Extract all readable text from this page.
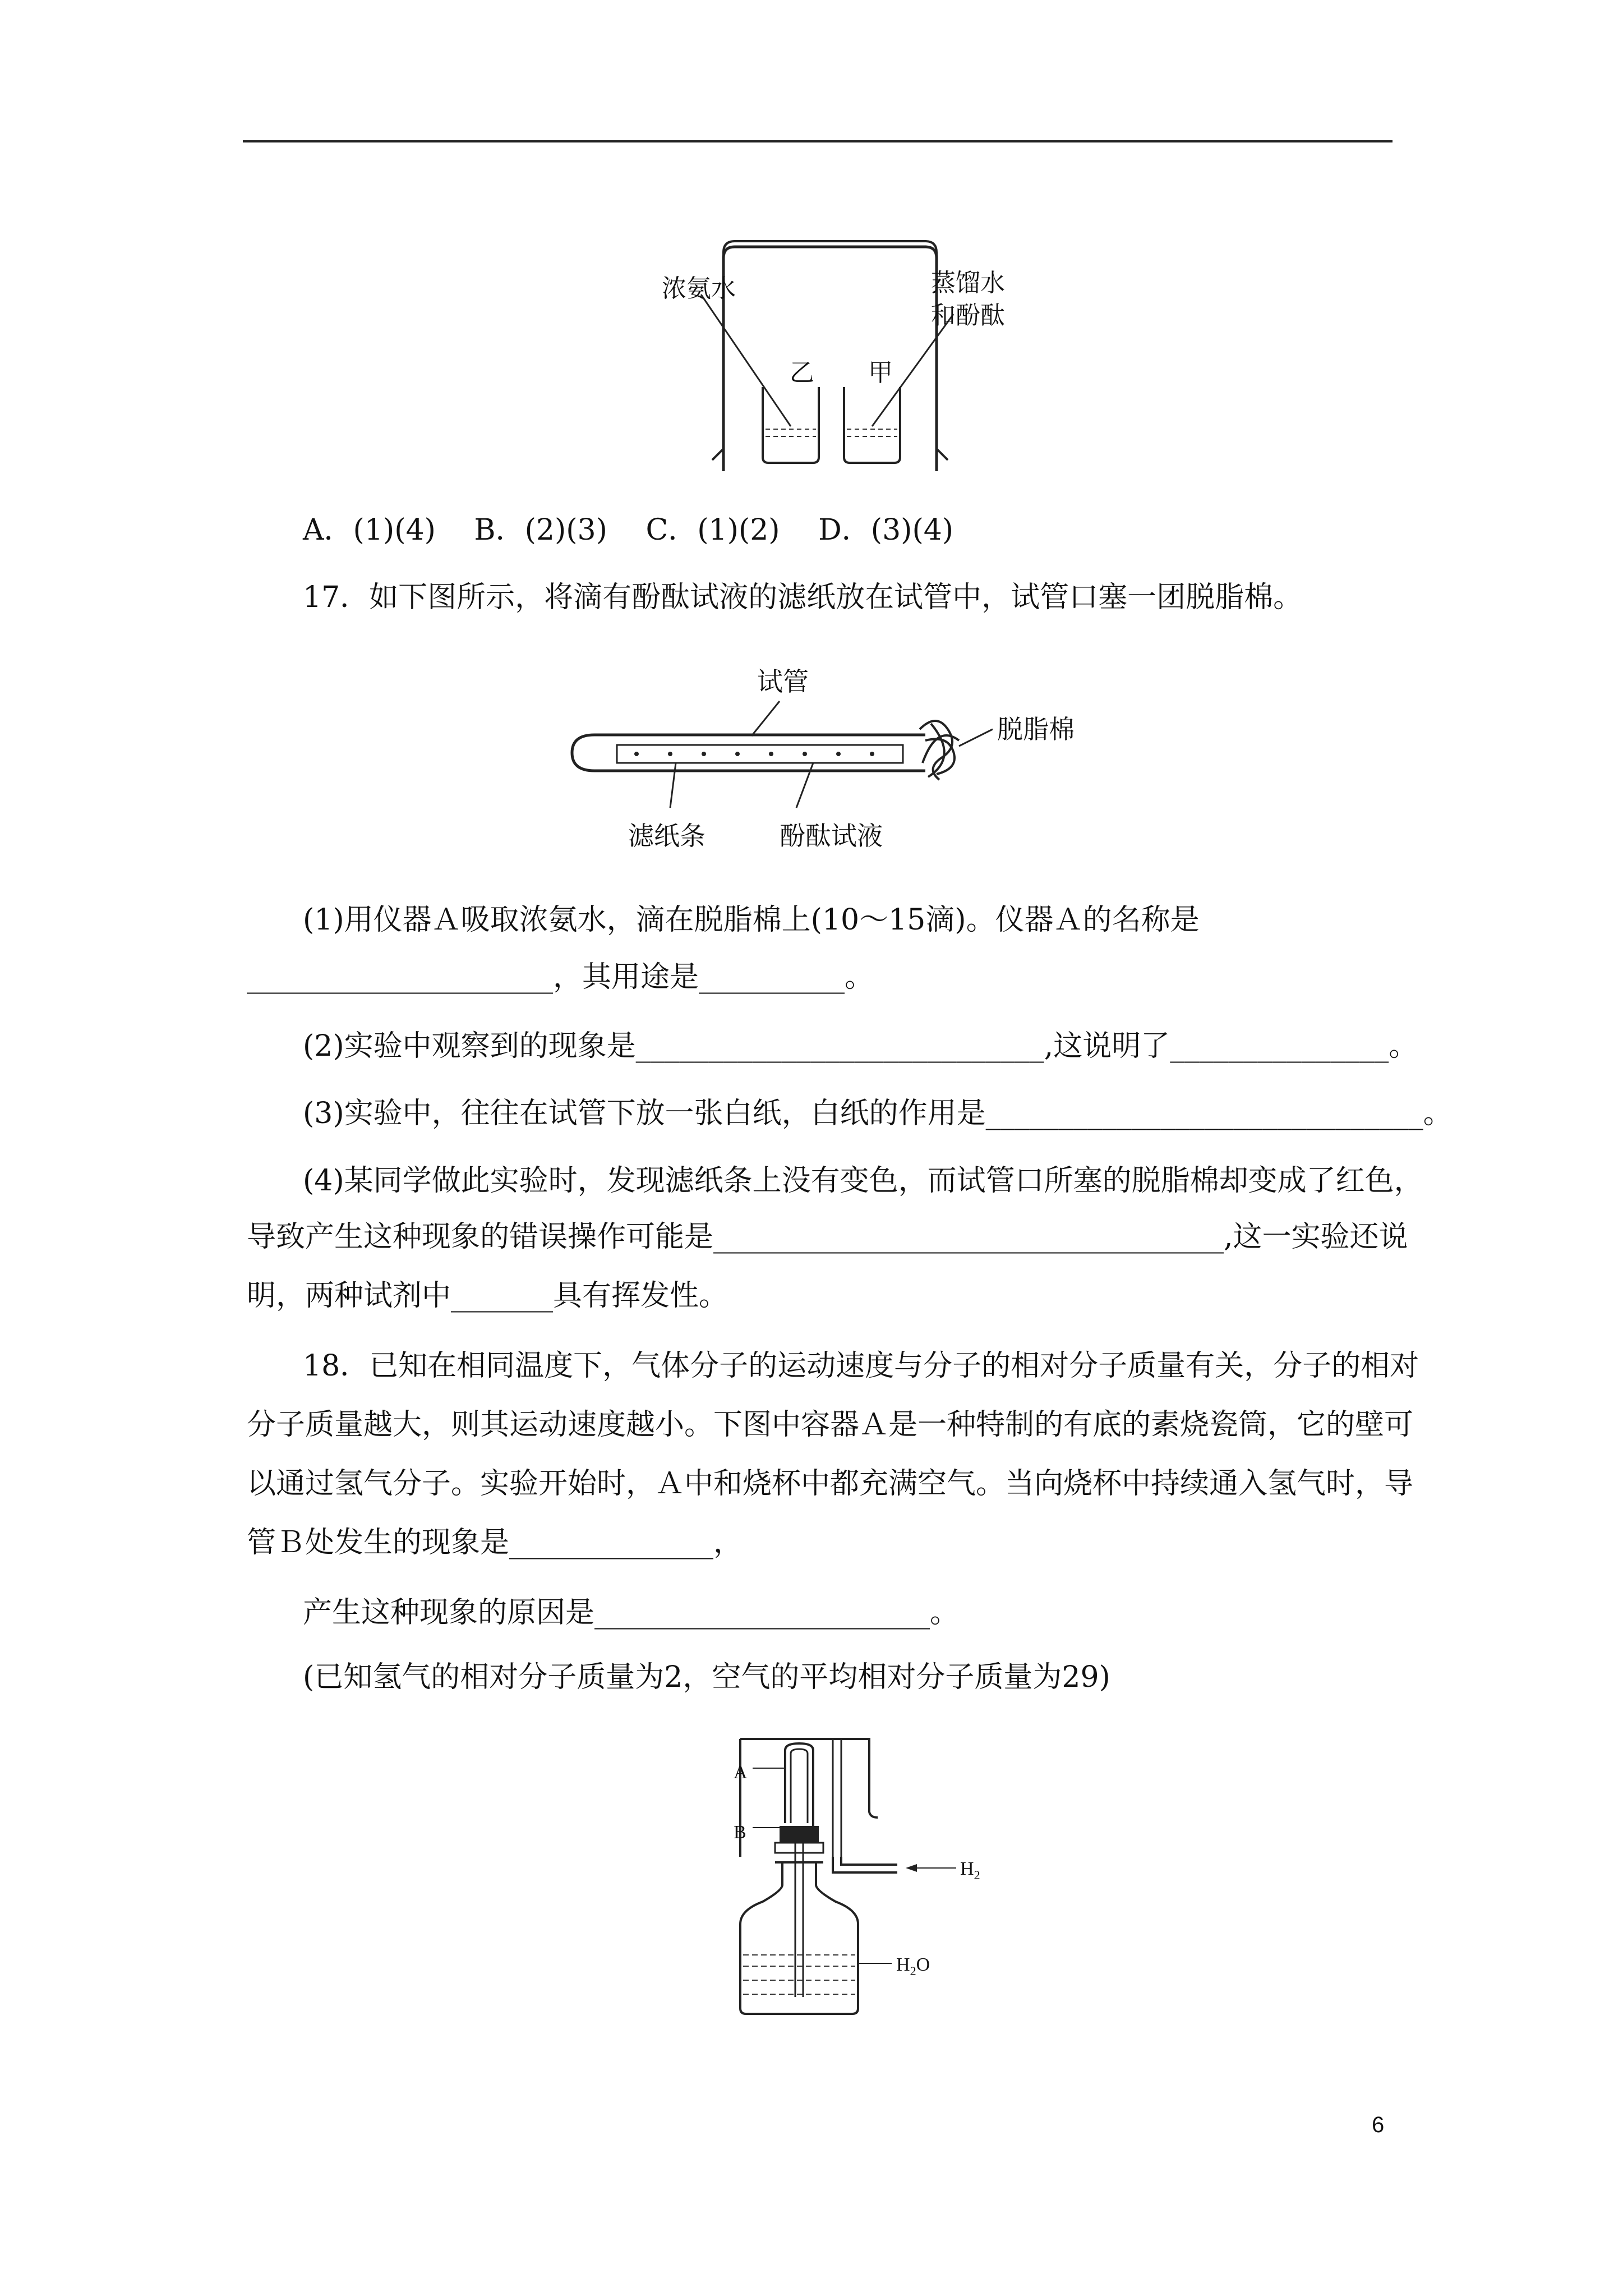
浓氨水	蒸馏水
和酚酞
乙 甲
A．(1)(4)　 B．(2)(3)　 C．(1)(2)　 D．(3)(4)
17．如下图所示，将滴有酚酞试液的滤纸放在试管中，试管口塞一团脱脂棉。
试管
脱脂棉
滤纸条	酚酞试液
(1)用仪器Ａ吸取浓氨水，滴在脱脂棉上(10～15滴)。仪器Ａ的名称是
_____________________，其用途是__________。
(2)实验中观察到的现象是____________________________,这说明了_______________。
(3)实验中，往往在试管下放一张白纸，白纸的作用是______________________________。
(4)某同学做此实验时，发现滤纸条上没有变色，而试管口所塞的脱脂棉却变成了红色，
导致产生这种现象的错误操作可能是___________________________________,这一实验还说
明，两种试剂中_______具有挥发性。
18．已知在相同温度下，气体分子的运动速度与分子的相对分子质量有关，分子的相对
分子质量越大，则其运动速度越小。下图中容器Ａ是一种特制的有底的素烧瓷筒，它的壁可
以通过氢气分子。实验开始时，Ａ中和烧杯中都充满空气。当向烧杯中持续通入氢气时，导
管Ｂ处发生的现象是______________，
产生这种现象的原因是_______________________。
(已知氢气的相对分子质量为2，空气的平均相对分子质量为29)
A
B
$H_2$
$H_2O$
6
